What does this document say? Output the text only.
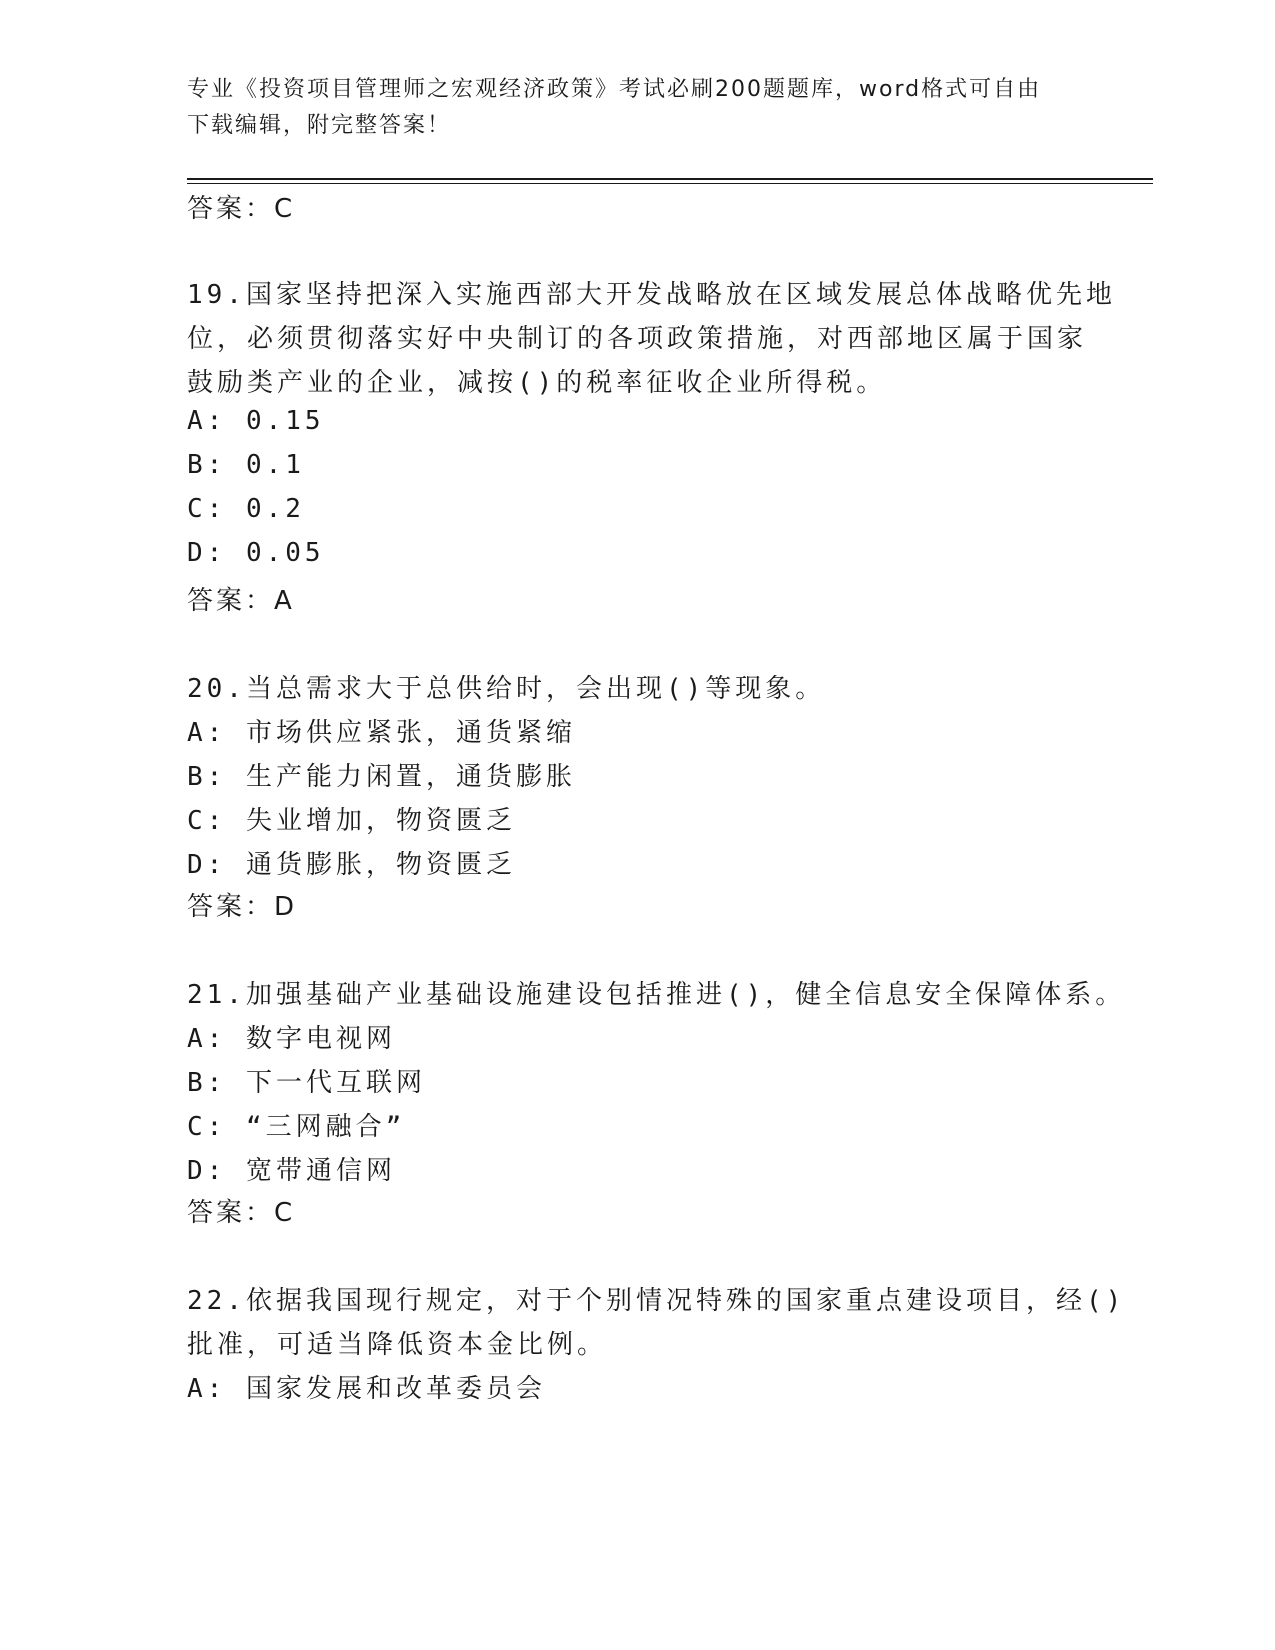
专业《投资项目管理师之宏观经济政策》考试必刷200题题库，word格式可自由
下载编辑，附完整答案！
答案：C
19.国家坚持把深入实施西部大开发战略放在区域发展总体战略优先地
位，必须贯彻落实好中央制订的各项政策措施，对西部地区属于国家
鼓励类产业的企业，减按()的税率征收企业所得税。
A: 0.15
B: 0.1
C: 0.2
D: 0.05
答案：A
20.当总需求大于总供给时，会出现()等现象。
A: 市场供应紧张，通货紧缩
B: 生产能力闲置，通货膨胀
C: 失业增加，物资匮乏
D: 通货膨胀，物资匮乏
答案：D
21.加强基础产业基础设施建设包括推进()，健全信息安全保障体系。
A: 数字电视网
B: 下一代互联网
C: “三网融合”
D: 宽带通信网
答案：C
22.依据我国现行规定，对于个别情况特殊的国家重点建设项目，经()
批准，可适当降低资本金比例。
A: 国家发展和改革委员会
